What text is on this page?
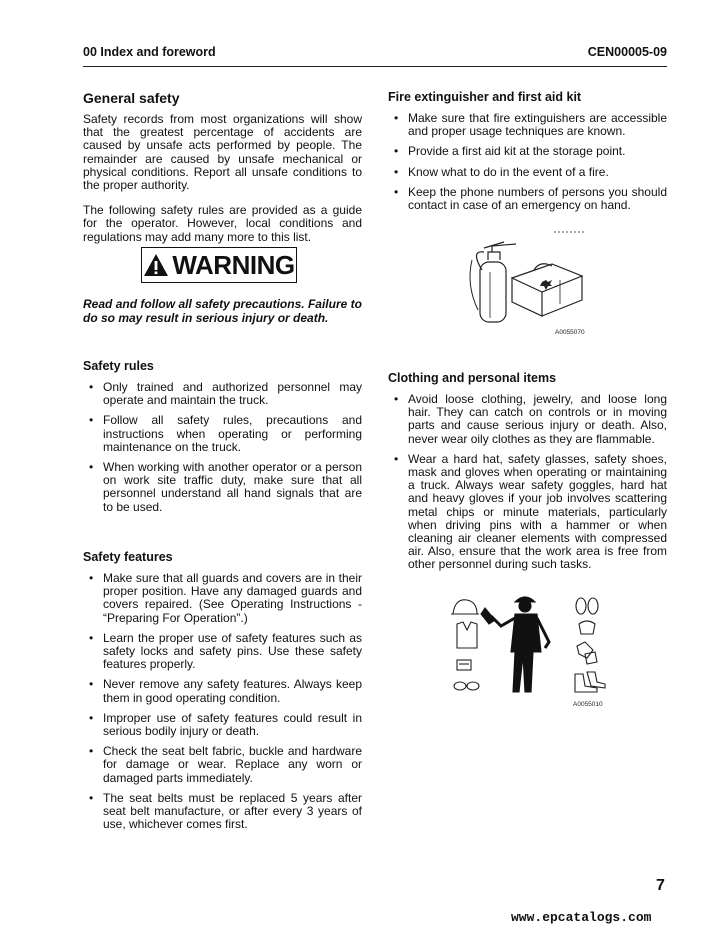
00 Index and foreword	CEN00005-09
General safety

Safety records from most organizations will show that the greatest percentage of accidents are caused by unsafe acts performed by people. The remainder are caused by unsafe mechanical or physical conditions. Report all unsafe conditions to the proper authority.

The following safety rules are provided as a guide for the operator. However, local conditions and regulations may add many more to this list.

WARNING
Read and follow all safety precautions. Failure to do so may result in serious injury or death.
Safety rules
• Only trained and authorized personnel may operate and maintain the truck.
• Follow all safety rules, precautions and instructions when operating or performing maintenance on the truck.
• When working with another operator or a person on work site traffic duty, make sure that all personnel understand all hand signals that are to be used.
Safety features
• Make sure that all guards and covers are in their proper position. Have any damaged guards and covers repaired. (See Operating Instructions - “Preparing For Operation”.)
• Learn the proper use of safety features such as safety locks and safety pins. Use these safety features properly.
• Never remove any safety features. Always keep them in good operating condition.
• Improper use of safety features could result in serious bodily injury or death.
• Check the seat belt fabric, buckle and hardware for damage or wear. Replace any worn or damaged parts immediately.
• The seat belts must be replaced 5 years after seat belt manufacture, or after every 3 years of use, whichever comes first.
Fire extinguisher and first aid kit
• Make sure that fire extinguishers are accessible and proper usage techniques are known.
• Provide a first aid kit at the storage point.
• Know what to do in the event of a fire.
• Keep the phone numbers of persons you should contact in case of an emergency on hand.
A0055070
Clothing and personal items
• Avoid loose clothing, jewelry, and loose long hair. They can catch on controls or in moving parts and cause serious injury or death. Also, never wear oily clothes as they are flammable.
• Wear a hard hat, safety glasses, safety shoes, mask and gloves when operating or maintaining a truck. Always wear safety goggles, hard hat and heavy gloves if your job involves scattering metal chips or minute materials, particularly when driving pins with a hammer or when cleaning air cleaner elements with compressed air. Also, ensure that the work area is free from other personnel during such tasks.
A0055010
7
www.epcatalogs.com
